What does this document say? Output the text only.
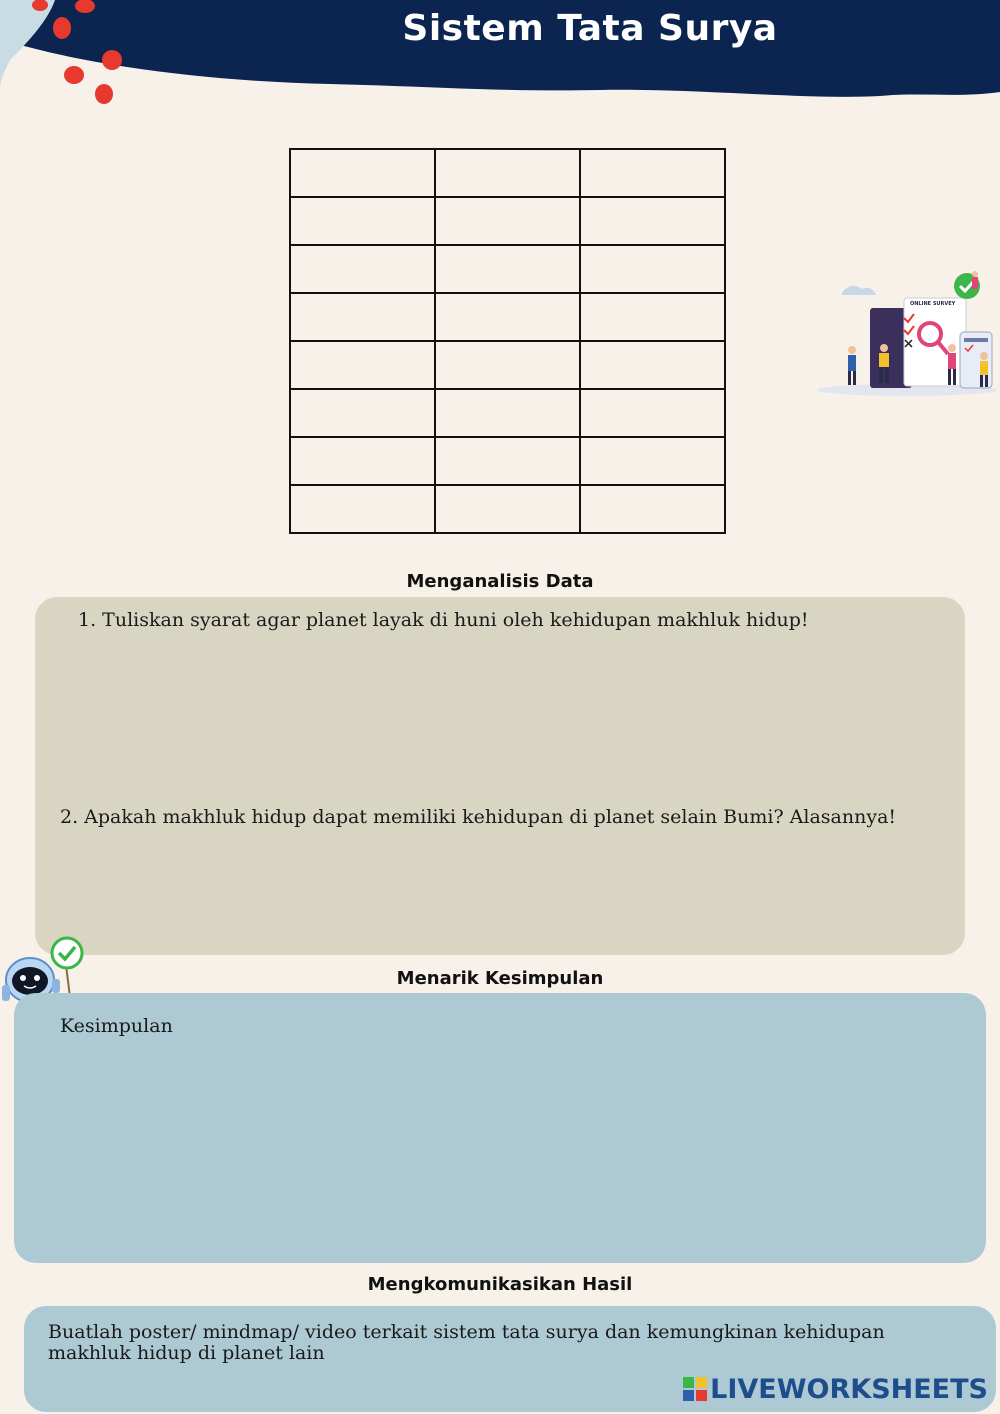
Sistem Tata Surya

ONLINE SURVEY
Menganalisis Data
1. Tuliskan syarat agar planet layak di huni oleh kehidupan makhluk hidup!
2. Apakah makhluk hidup dapat memiliki kehidupan di planet selain Bumi? Alasannya!
Menarik Kesimpulan
Kesimpulan
Mengkomunikasikan Hasil
Buatlah poster/ mindmap/ video terkait sistem tata surya dan kemungkinan kehidupan makhluk hidup di planet lain
LIVEWORKSHEETS
